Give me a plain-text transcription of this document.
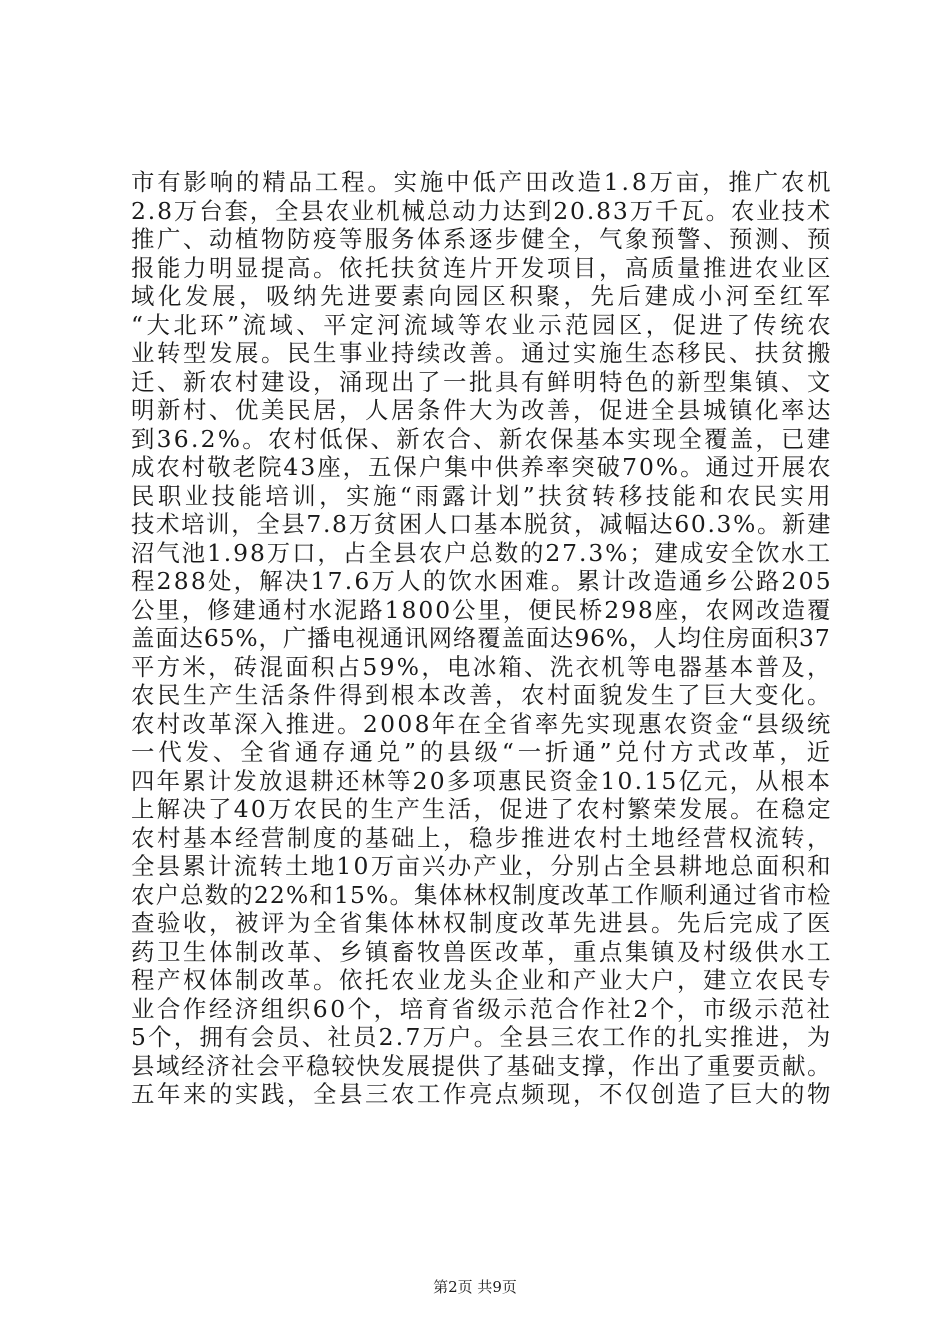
市有影响的精品工程。实施中低产田改造1.8万亩，推广农机
2.8万台套，全县农业机械总动力达到20.83万千瓦。农业技术
推广、动植物防疫等服务体系逐步健全，气象预警、预测、预
报能力明显提高。依托扶贫连片开发项目，高质量推进农业区
域化发展，吸纳先进要素向园区积聚，先后建成小河至红军
“大北环”流域、平定河流域等农业示范园区，促进了传统农
业转型发展。民生事业持续改善。通过实施生态移民、扶贫搬
迁、新农村建设，涌现出了一批具有鲜明特色的新型集镇、文
明新村、优美民居，人居条件大为改善，促进全县城镇化率达
到36.2%。农村低保、新农合、新农保基本实现全覆盖，已建
成农村敬老院43座，五保户集中供养率突破70%。通过开展农
民职业技能培训，实施“雨露计划”扶贫转移技能和农民实用
技术培训，全县7.8万贫困人口基本脱贫，减幅达60.3%。新建
沼气池1.98万口，占全县农户总数的27.3%；建成安全饮水工
程288处，解决17.6万人的饮水困难。累计改造通乡公路205
公里，修建通村水泥路1800公里，便民桥298座，农网改造覆
盖面达65%，广播电视通讯网络覆盖面达96%，人均住房面积37
平方米，砖混面积占59%，电冰箱、洗衣机等电器基本普及，
农民生产生活条件得到根本改善，农村面貌发生了巨大变化。
农村改革深入推进。2008年在全省率先实现惠农资金“县级统
一代发、全省通存通兑”的县级“一折通”兑付方式改革，近
四年累计发放退耕还林等20多项惠民资金10.15亿元，从根本
上解决了40万农民的生产生活，促进了农村繁荣发展。在稳定
农村基本经营制度的基础上，稳步推进农村土地经营权流转，
全县累计流转土地10万亩兴办产业，分别占全县耕地总面积和
农户总数的22%和15%。集体林权制度改革工作顺利通过省市检
查验收，被评为全省集体林权制度改革先进县。先后完成了医
药卫生体制改革、乡镇畜牧兽医改革，重点集镇及村级供水工
程产权体制改革。依托农业龙头企业和产业大户，建立农民专
业合作经济组织60个，培育省级示范合作社2个，市级示范社
5个，拥有会员、社员2.7万户。全县三农工作的扎实推进，为
县域经济社会平稳较快发展提供了基础支撑，作出了重要贡献。
五年来的实践，全县三农工作亮点频现，不仅创造了巨大的物
第2页 共9页
